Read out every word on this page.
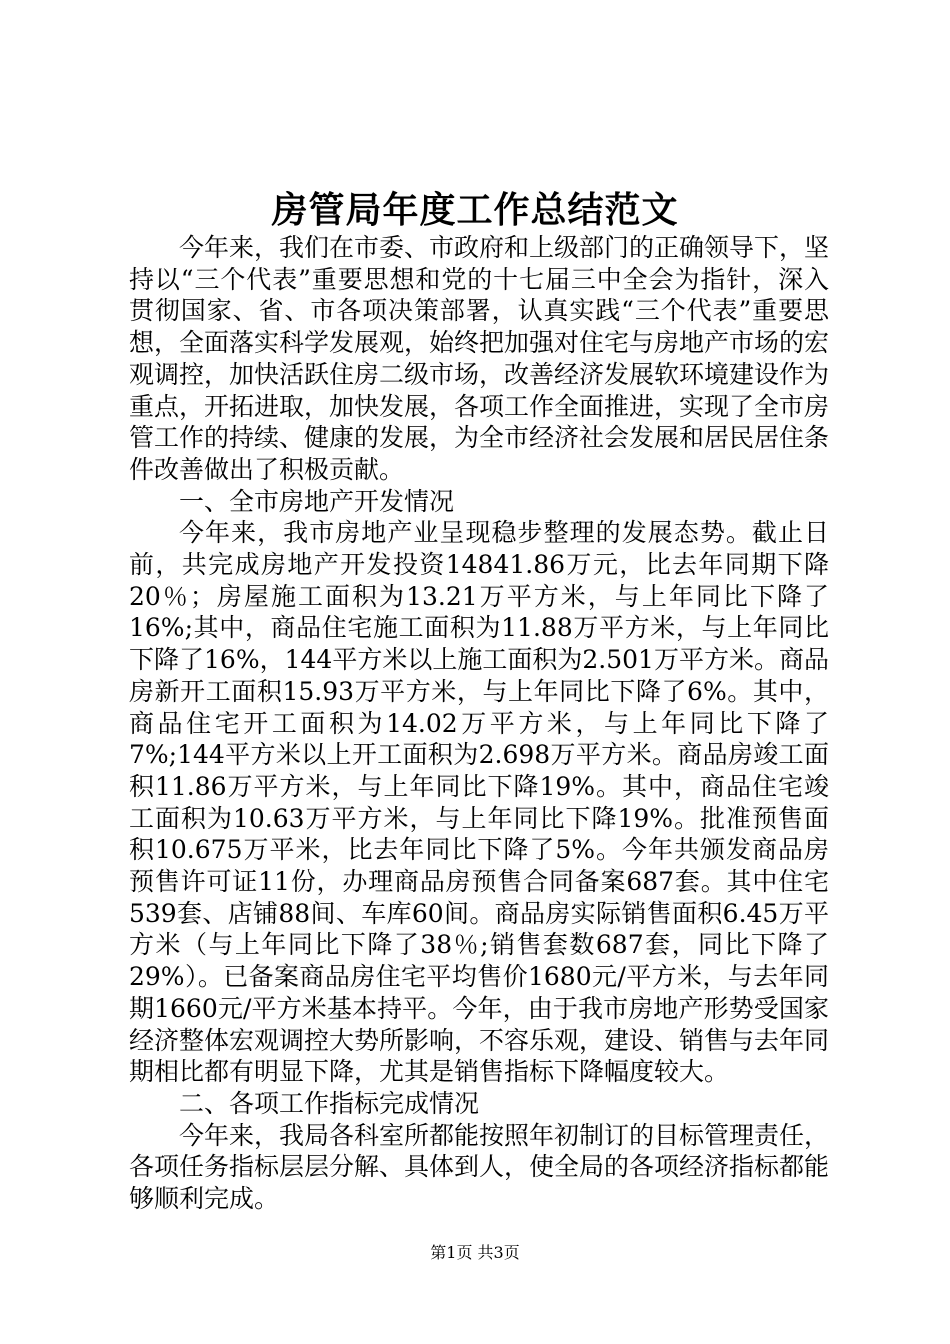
房管局年度工作总结范文

今年来，我们在市委、市政府和上级部门的正确领导下，坚持以“三个代表”重要思想和党的十七届三中全会为指针，深入贯彻国家、省、市各项决策部署，认真实践“三个代表”重要思想，全面落实科学发展观，始终把加强对住宅与房地产市场的宏观调控，加快活跃住房二级市场，改善经济发展软环境建设作为重点，开拓进取，加快发展，各项工作全面推进，实现了全市房管工作的持续、健康的发展，为全市经济社会发展和居民居住条件改善做出了积极贡献。

一、全市房地产开发情况

今年来，我市房地产业呈现稳步整理的发展态势。截止日前，共完成房地产开发投资14841.86万元，比去年同期下降20％；房屋施工面积为13.21万平方米，与上年同比下降了16%;其中，商品住宅施工面积为11.88万平方米，与上年同比下降了16%，144平方米以上施工面积为2.501万平方米。商品房新开工面积15.93万平方米，与上年同比下降了6%。其中，商品住宅开工面积为14.02万平方米，与上年同比下降了7%;144平方米以上开工面积为2.698万平方米。商品房竣工面积11.86万平方米，与上年同比下降19%。其中，商品住宅竣工面积为10.63万平方米，与上年同比下降19%。批准预售面积10.675万平米，比去年同比下降了5%。今年共颁发商品房预售许可证11份，办理商品房预售合同备案687套。其中住宅539套、店铺88间、车库60间。商品房实际销售面积6.45万平方米（与上年同比下降了38％;销售套数687套，同比下降了29%）。已备案商品房住宅平均售价1680元/平方米，与去年同期1660元/平方米基本持平。今年，由于我市房地产形势受国家经济整体宏观调控大势所影响，不容乐观，建设、销售与去年同期相比都有明显下降，尤其是销售指标下降幅度较大。

二、各项工作指标完成情况

今年来，我局各科室所都能按照年初制订的目标管理责任，各项任务指标层层分解、具体到人，使全局的各项经济指标都能够顺利完成。

第1页 共3页
